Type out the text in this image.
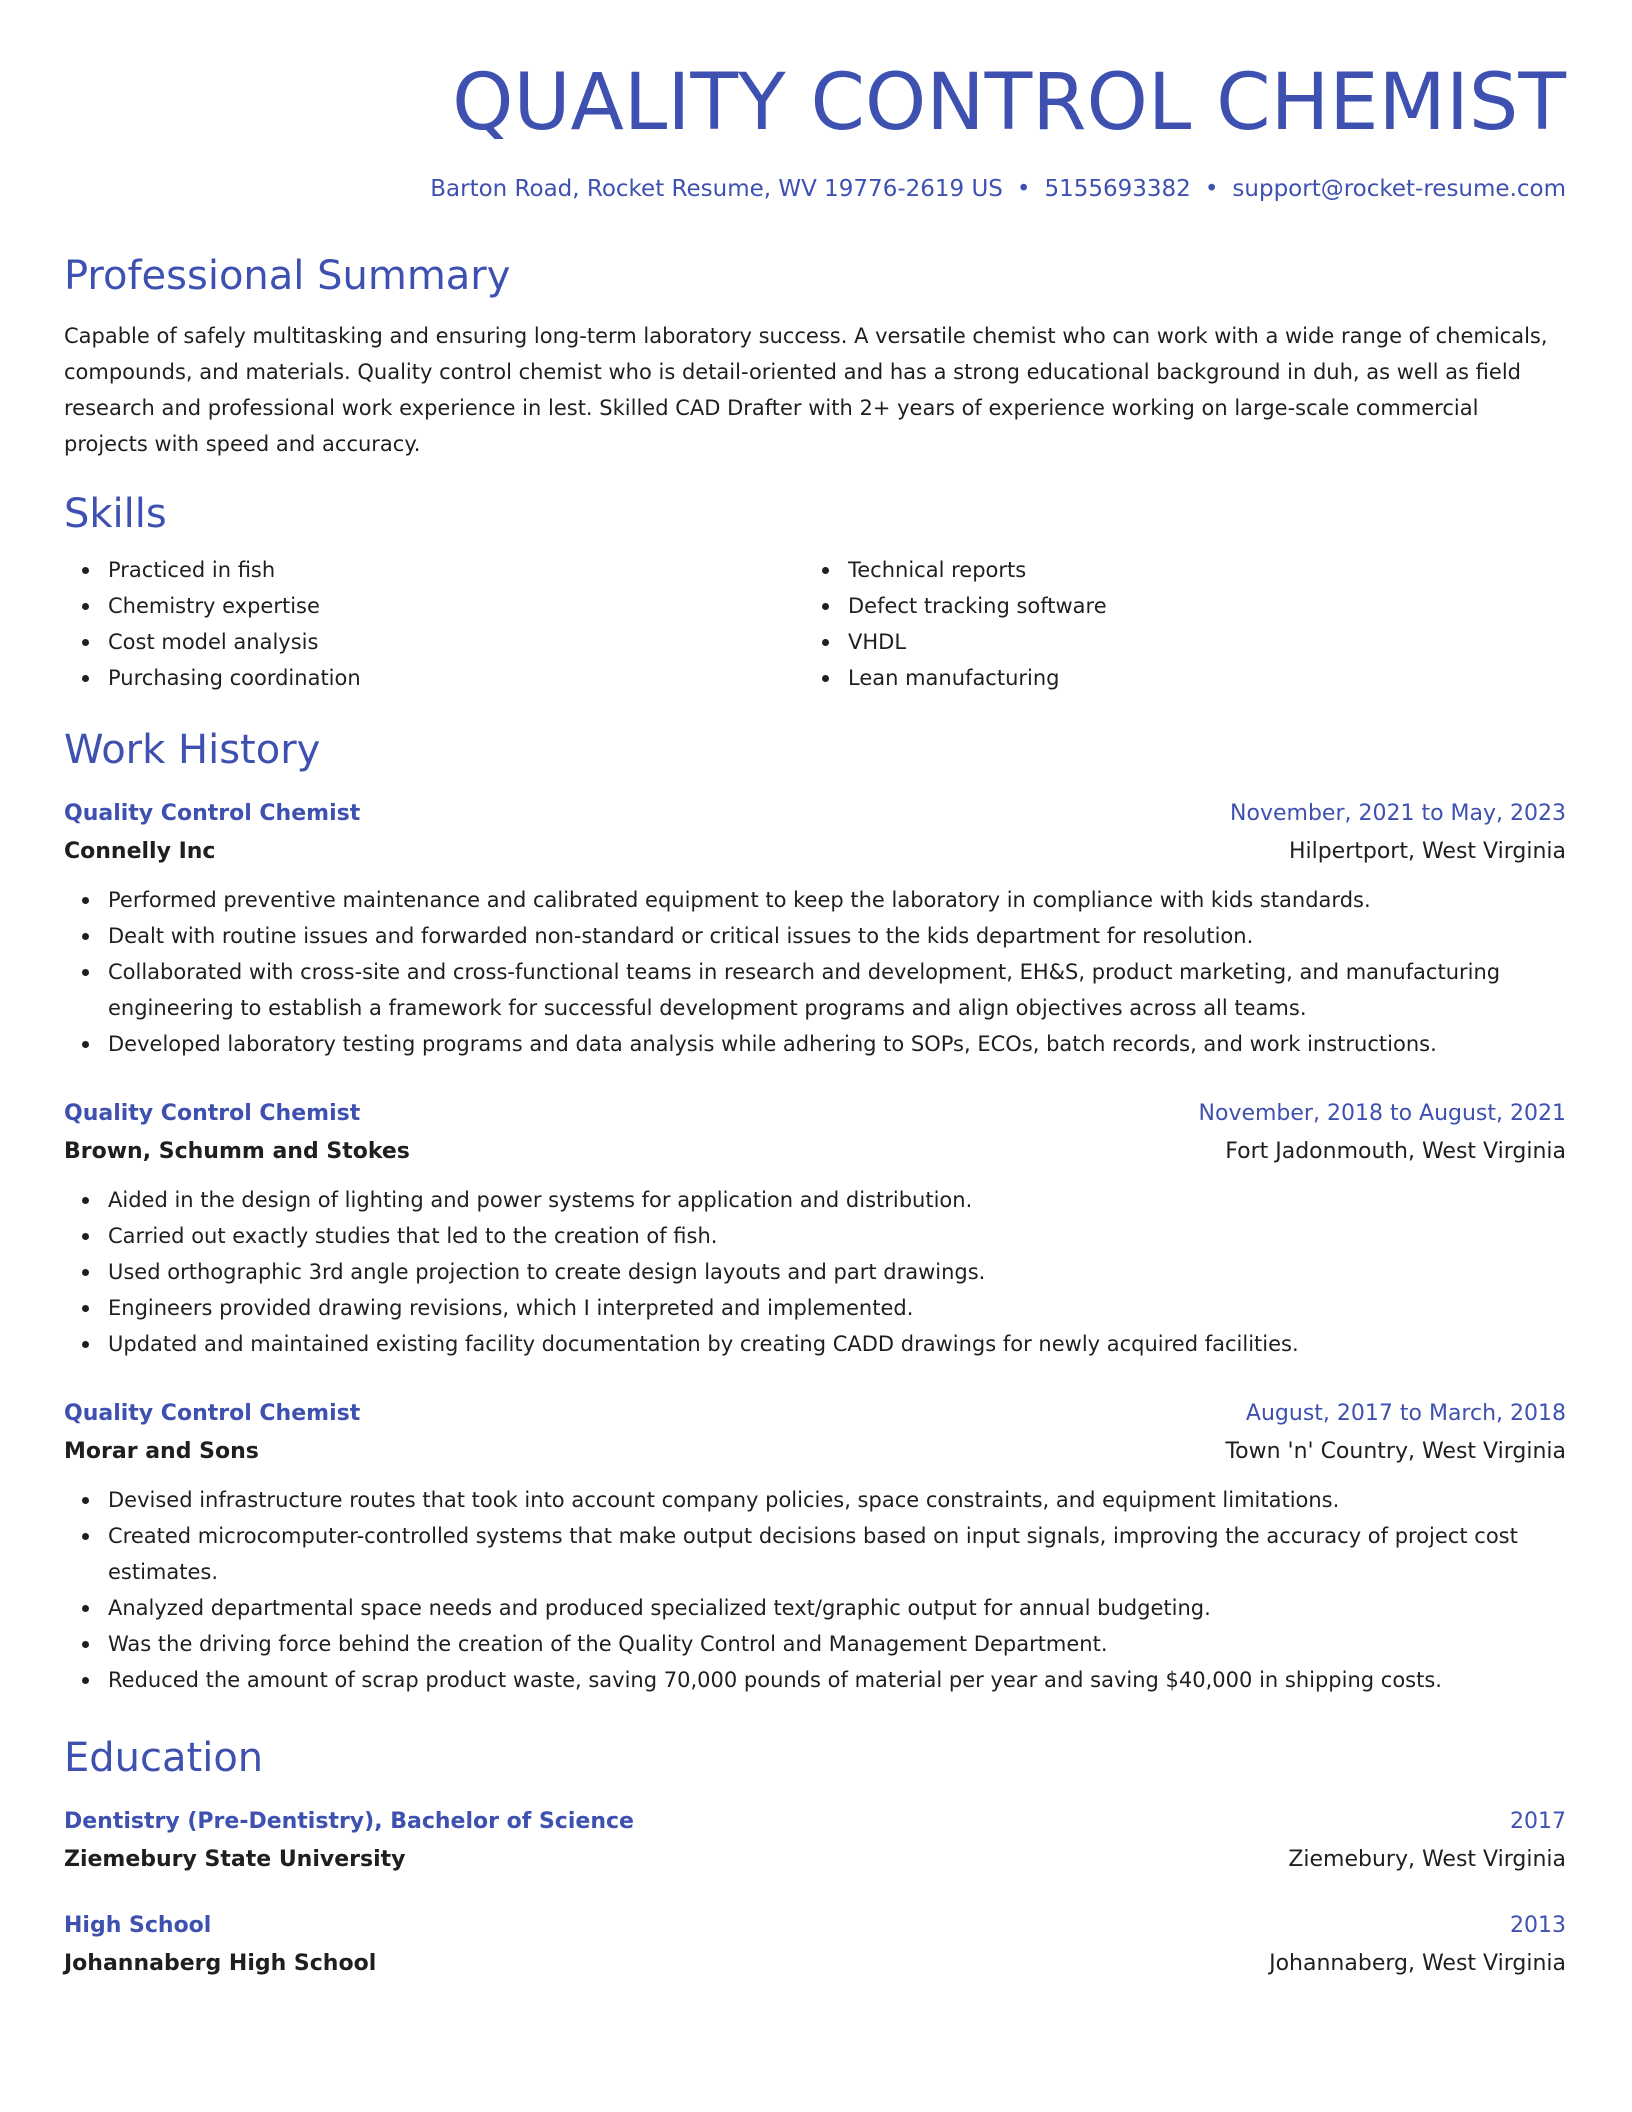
QUALITY CONTROL CHEMIST
Barton Road, Rocket Resume, WV 19776-2619 US • 5155693382 • support@rocket-resume.com
Professional Summary
Capable of safely multitasking and ensuring long-term laboratory success. A versatile chemist who can work with a wide range of chemicals, compounds, and materials. Quality control chemist who is detail-oriented and has a strong educational background in duh, as well as field research and professional work experience in lest. Skilled CAD Drafter with 2+ years of experience working on large-scale commercial projects with speed and accuracy.
Skills
Practiced in fish
Chemistry expertise
Cost model analysis
Purchasing coordination
Technical reports
Defect tracking software
VHDL
Lean manufacturing
Work History
Quality Control Chemist	November, 2021 to May, 2023
Connelly Inc	Hilpertport, West Virginia
Performed preventive maintenance and calibrated equipment to keep the laboratory in compliance with kids standards.
Dealt with routine issues and forwarded non-standard or critical issues to the kids department for resolution.
Collaborated with cross-site and cross-functional teams in research and development, EH&S, product marketing, and manufacturing engineering to establish a framework for successful development programs and align objectives across all teams.
Developed laboratory testing programs and data analysis while adhering to SOPs, ECOs, batch records, and work instructions.
Quality Control Chemist	November, 2018 to August, 2021
Brown, Schumm and Stokes	Fort Jadonmouth, West Virginia
Aided in the design of lighting and power systems for application and distribution.
Carried out exactly studies that led to the creation of fish.
Used orthographic 3rd angle projection to create design layouts and part drawings.
Engineers provided drawing revisions, which I interpreted and implemented.
Updated and maintained existing facility documentation by creating CADD drawings for newly acquired facilities.
Quality Control Chemist	August, 2017 to March, 2018
Morar and Sons	Town 'n' Country, West Virginia
Devised infrastructure routes that took into account company policies, space constraints, and equipment limitations.
Created microcomputer-controlled systems that make output decisions based on input signals, improving the accuracy of project cost estimates.
Analyzed departmental space needs and produced specialized text/graphic output for annual budgeting.
Was the driving force behind the creation of the Quality Control and Management Department.
Reduced the amount of scrap product waste, saving 70,000 pounds of material per year and saving $40,000 in shipping costs.
Education
Dentistry (Pre-Dentistry), Bachelor of Science	2017
Ziemebury State University	Ziemebury, West Virginia
High School	2013
Johannaberg High School	Johannaberg, West Virginia
